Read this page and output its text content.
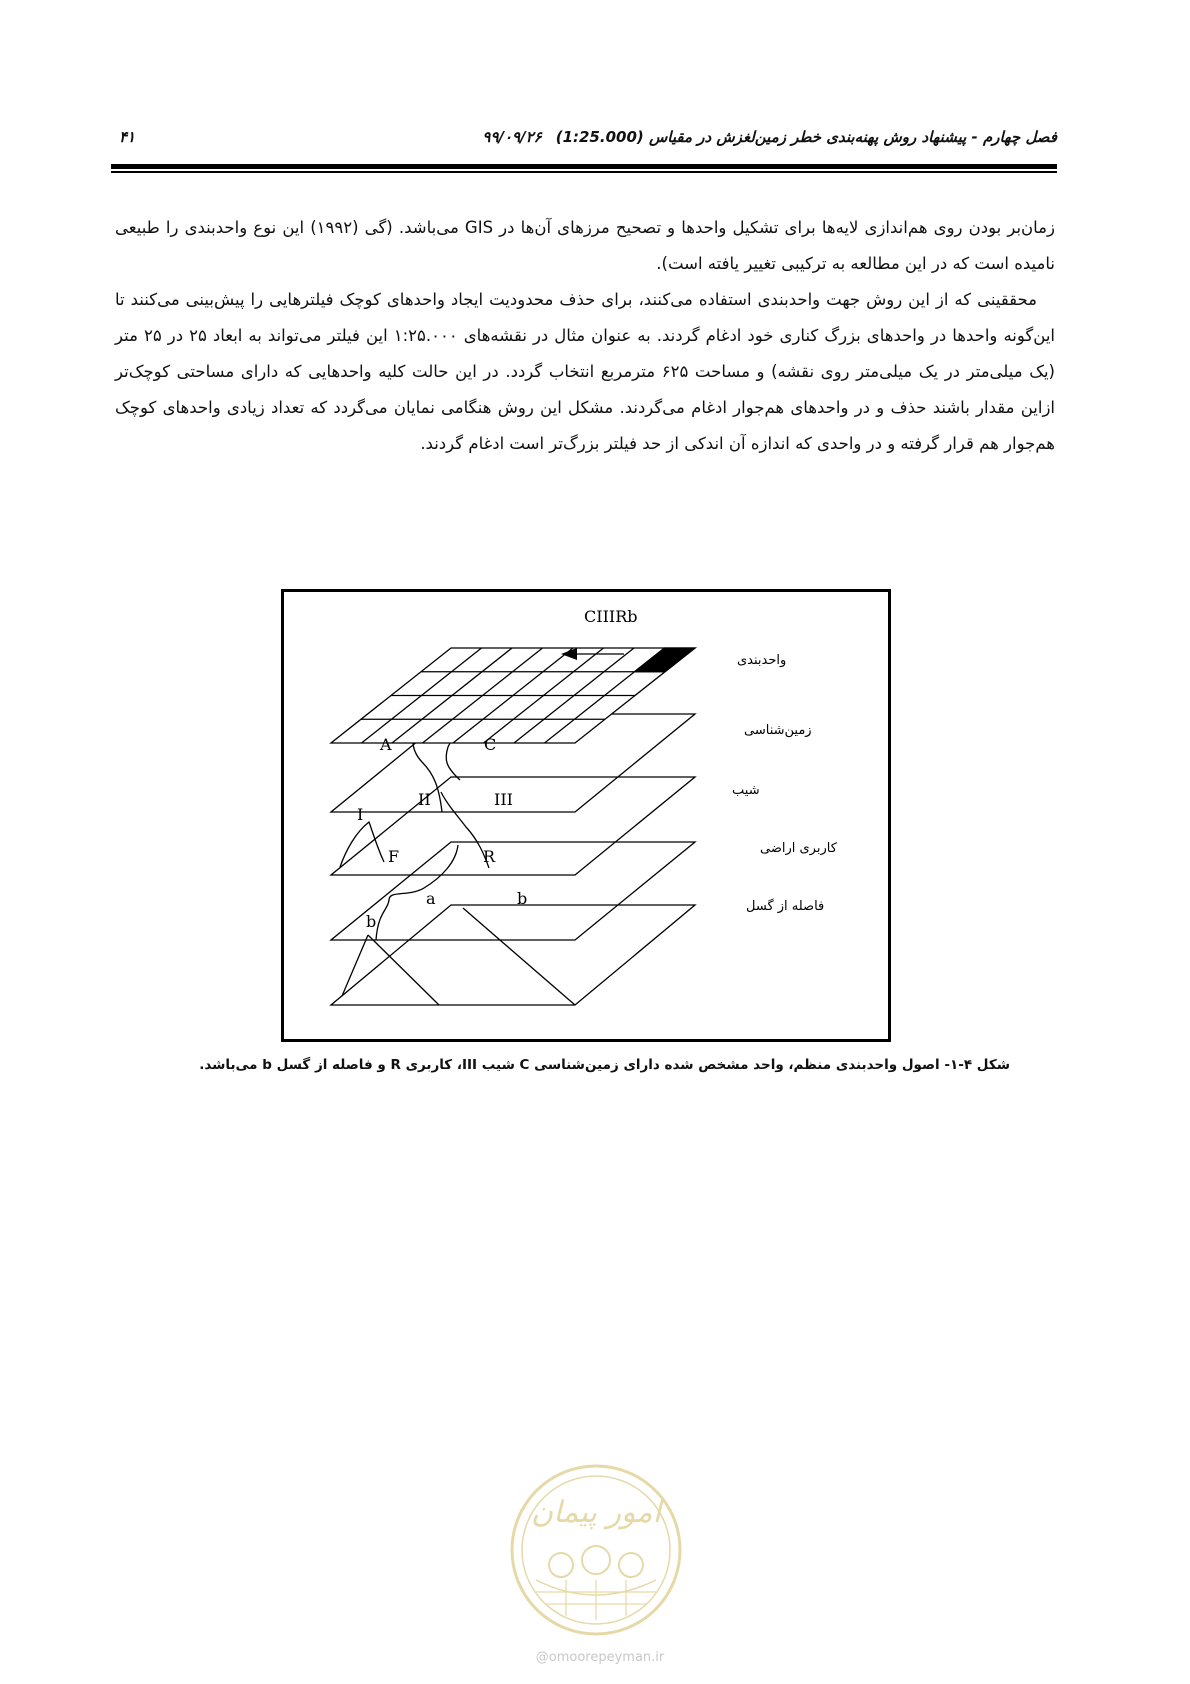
فصل چهارم - پیشنهاد روش پهنه‌بندی خطر زمین‌لغزش در مقیاس (1:25.000)۹۹/۰۹/۲۶
۴۱

زمان‌بر بودن روی هم‌اندازی لایه‌ها برای تشکیل واحدها و تصحیح مرزهای آن‌ها در GIS می‌باشد. (گی (۱۹۹۲) این نوع واحدبندی را طبیعی نامیده است که در این مطالعه به ترکیبی تغییر یافته است).

محققینی که از این روش جهت واحدبندی استفاده می‌کنند، برای حذف محدودیت ایجاد واحدهای کوچک فیلترهایی را پیش‌بینی می‌کنند تا این‌گونه واحدها در واحدهای بزرگ کناری خود ادغام گردند. به عنوان مثال در نقشه‌های ۱:۲۵.۰۰۰ این فیلتر می‌تواند به ابعاد ۲۵ در ۲۵ متر (یک میلی‌متر در یک میلی‌متر روی نقشه) و مساحت ۶۲۵ مترمربع انتخاب گردد. در این حالت کلیه واحدهایی که دارای مساحتی کوچک‌تر ازاین مقدار باشند حذف و در واحدهای هم‌جوار ادغام می‌گردند. مشکل این روش هنگامی نمایان می‌گردد که تعداد زیادی واحدهای کوچک هم‌جوار هم قرار گرفته و در واحدی که اندازه آن اندکی از حد فیلتر بزرگ‌تر است ادغام گردند.

CIIIRb
A	C
I
II	III
F	R
a	b
b
واحدبندی
زمین‌شناسی
شیب
کاربری اراضی
فاصله از گسل
شکل ۴-۱- اصول واحدبندی منظم، واحد مشخص شده دارای زمین‌شناسی C شیب III، کاربری R و فاصله از گسل b می‌باشد.
امور پیمان
@omoorepeyman.ir
